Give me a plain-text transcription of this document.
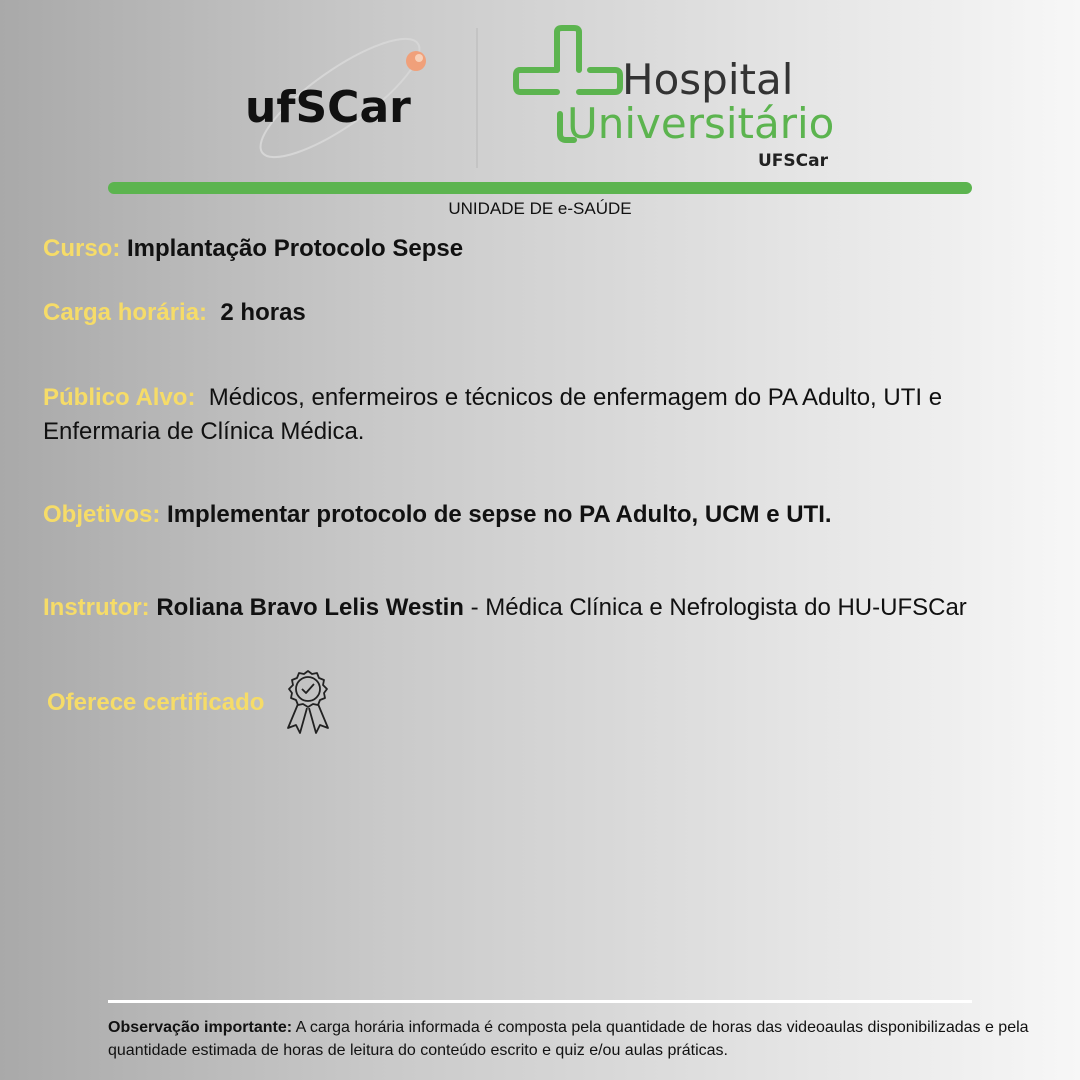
ufSCar
Hospital
Universitário
UFSCar
UNIDADE DE e-SAÚDE
Curso: Implantação Protocolo Sepse
Carga horária: 2 horas
Público Alvo: Médicos, enfermeiros e técnicos de enfermagem do PA Adulto, UTI e Enfermaria de Clínica Médica.
Objetivos: Implementar protocolo de sepse no PA Adulto, UCM e UTI.
Instrutor: Roliana Bravo Lelis Westin - Médica Clínica e Nefrologista do HU-UFSCar
Oferece certificado
Observação importante: A carga horária informada é composta pela quantidade de horas das videoaulas disponibilizadas e pela quantidade estimada de horas de leitura do conteúdo escrito e quiz e/ou aulas práticas.
